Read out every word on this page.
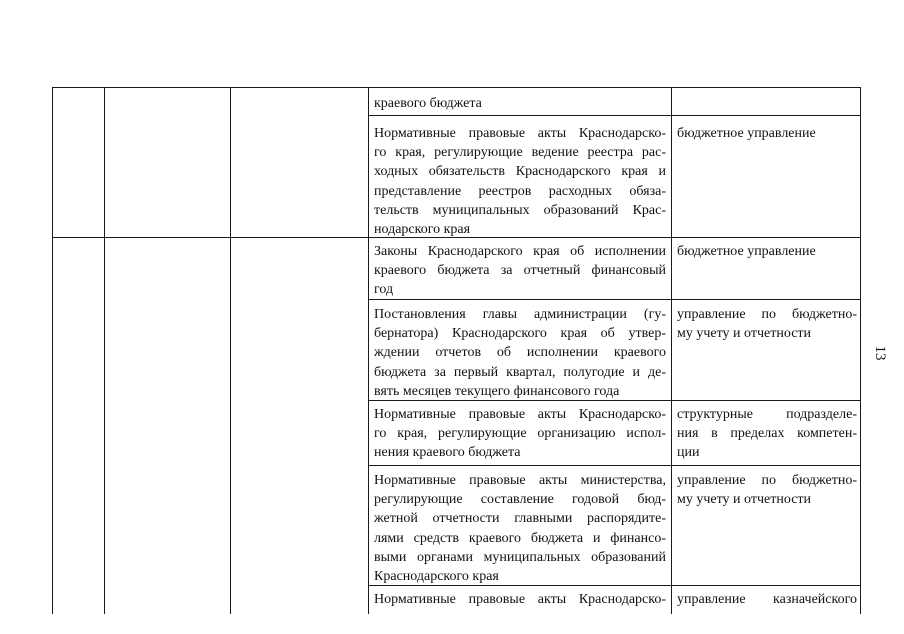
краевого бюджета
Нормативные правовые акты Краснодарско-
го края, регулирующие ведение реестра рас-
ходных обязательств Краснодарского края и
представление реестров расходных обяза-
тельств муниципальных образований Крас-
нодарского края
бюджетное управление
Законы Краснодарского края об исполнении
краевого бюджета за отчетный финансовый
год
бюджетное управление
Постановления главы администрации (гу-
бернатора) Краснодарского края об утвер-
ждении отчетов об исполнении краевого
бюджета за первый квартал, полугодие и де-
вять месяцев текущего финансового года
управление по бюджетно-
му учету и отчетности
Нормативные правовые акты Краснодарско-
го края, регулирующие организацию испол-
нения краевого бюджета
структурные подразделе-
ния в пределах компетен-
ции
Нормативные правовые акты министерства,
регулирующие составление годовой бюд-
жетной отчетности главными распорядите-
лями средств краевого бюджета и финансо-
выми органами муниципальных образований
Краснодарского края
управление по бюджетно-
му учету и отчетности
Нормативные правовые акты Краснодарско- управление казначейского
13
